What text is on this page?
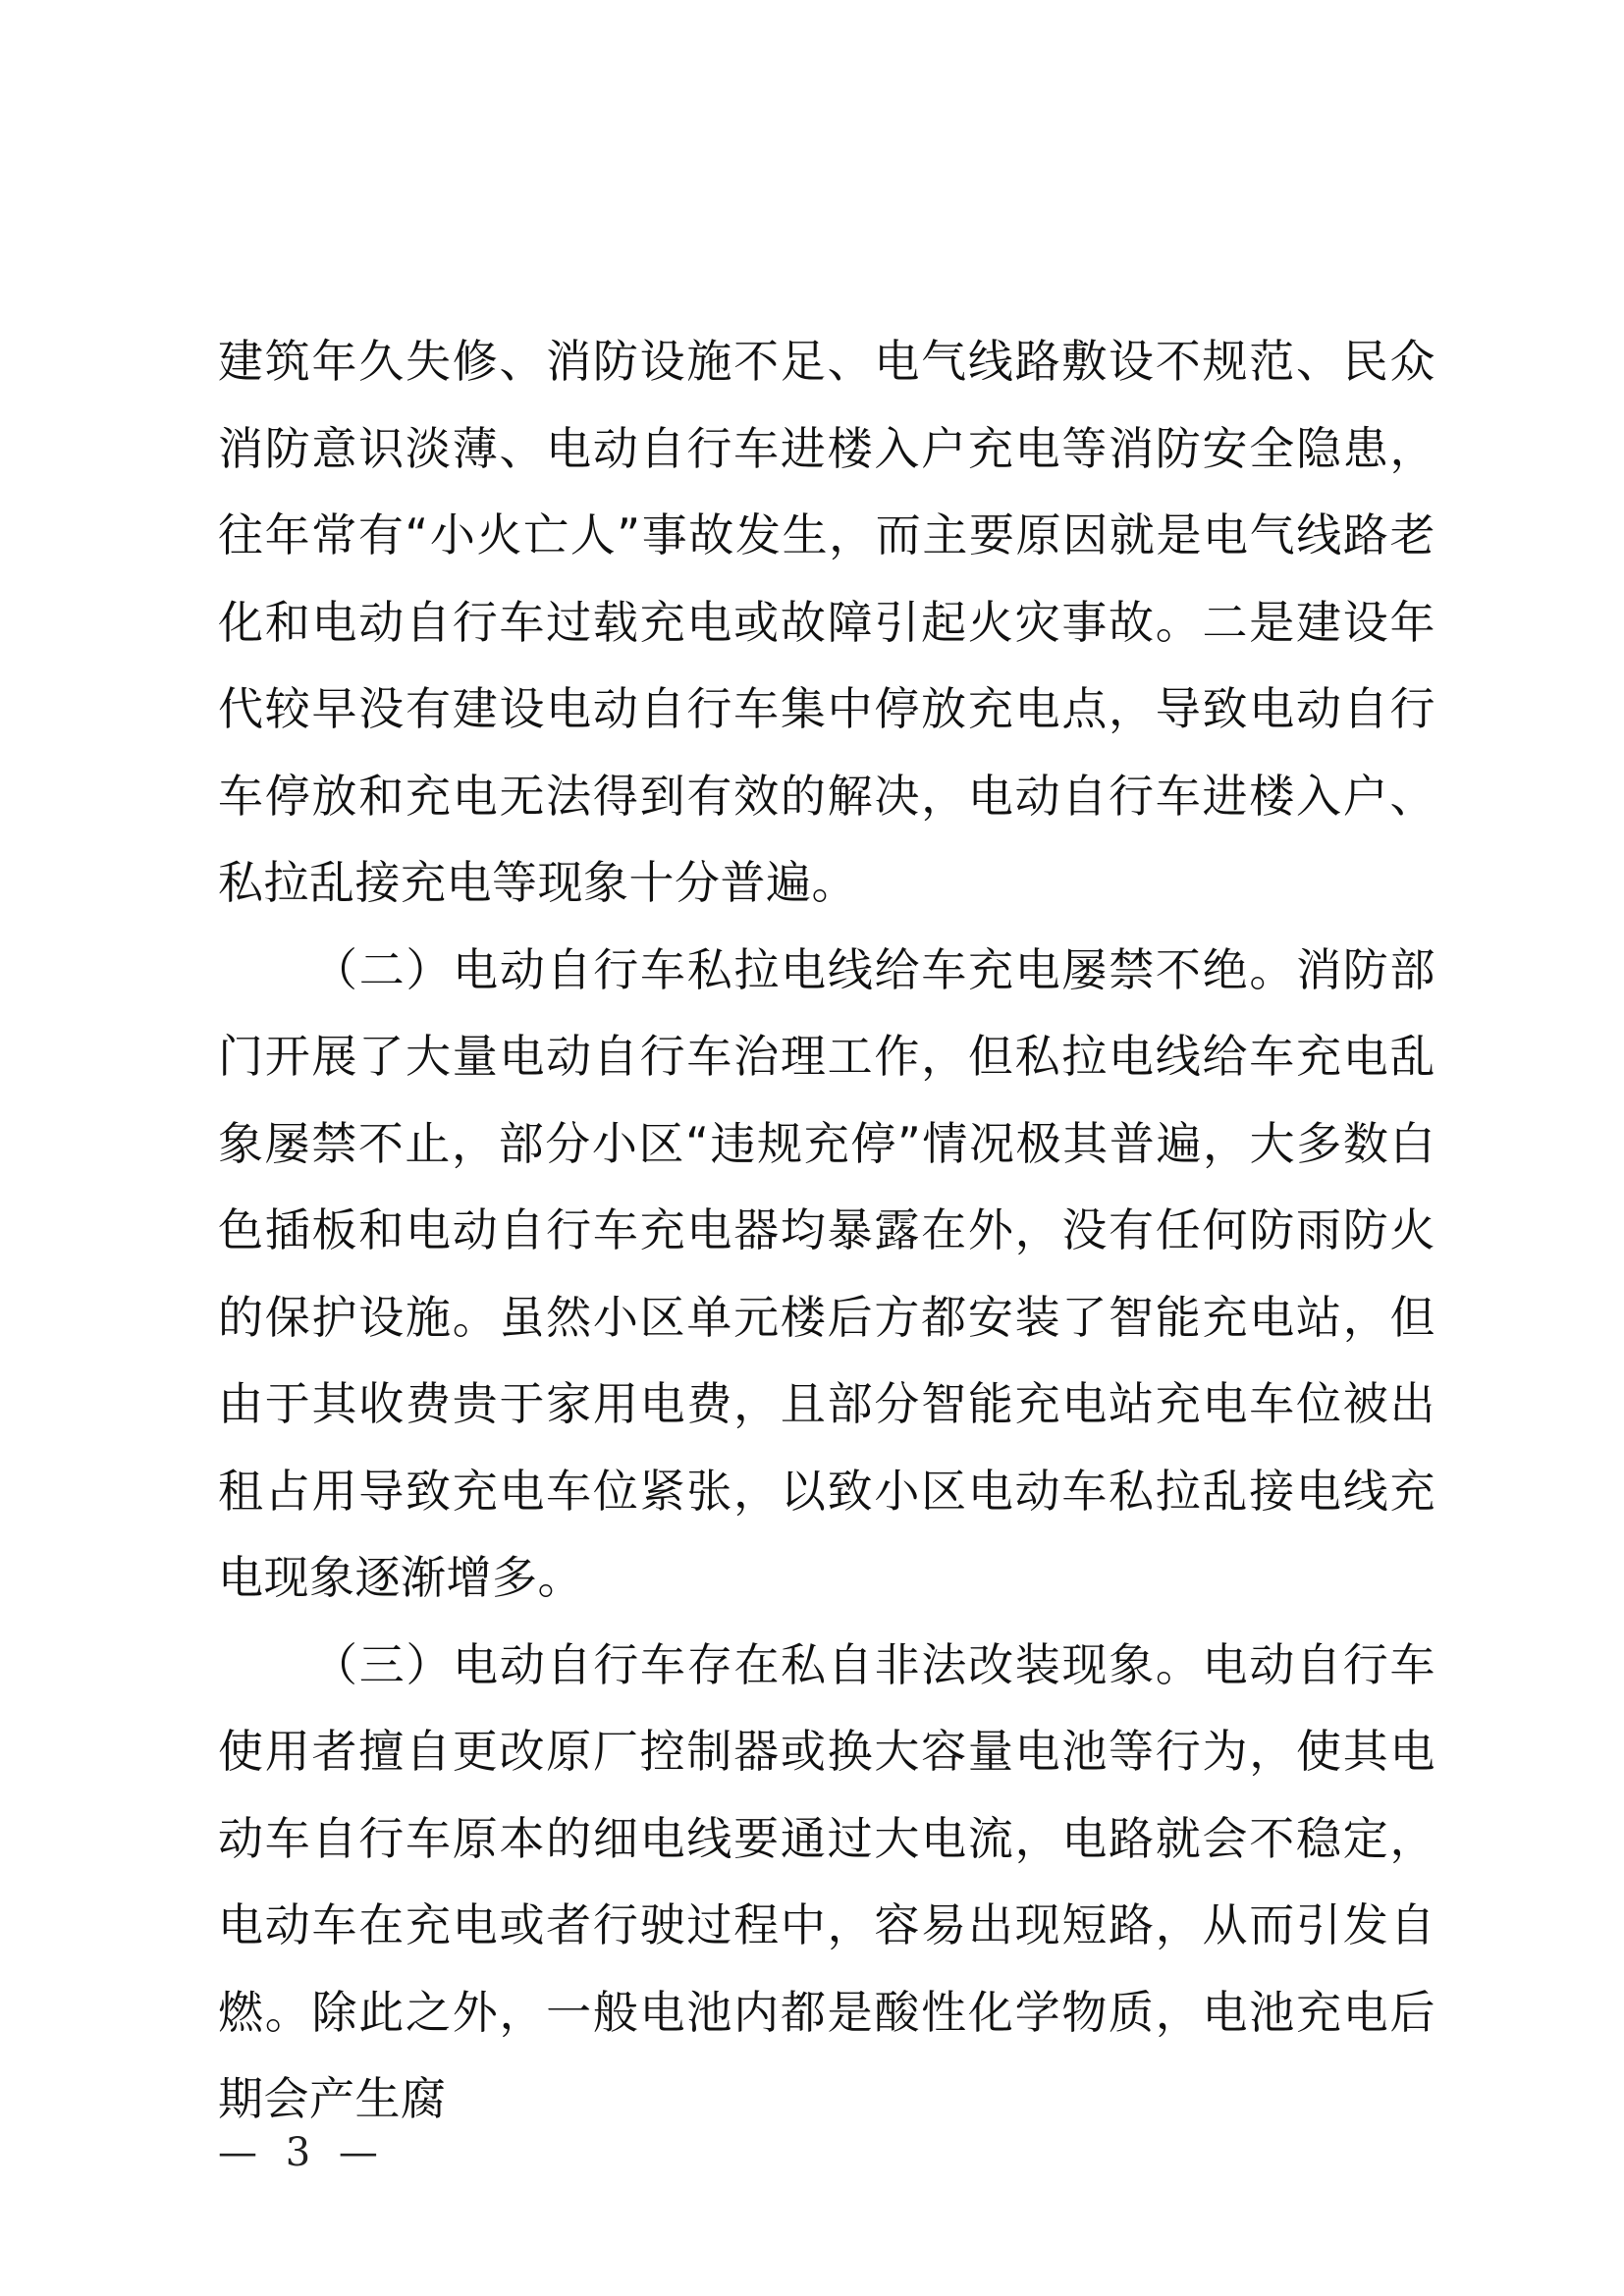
建筑年久失修、消防设施不足、电气线路敷设不规范、民众消防意识淡薄、电动自行车进楼入户充电等消防安全隐患，往年常有“小火亡人”事故发生，而主要原因就是电气线路老化和电动自行车过载充电或故障引起火灾事故。二是建设年代较早没有建设电动自行车集中停放充电点，导致电动自行车停放和充电无法得到有效的解决，电动自行车进楼入户、私拉乱接充电等现象十分普遍。

（二）电动自行车私拉电线给车充电屡禁不绝。消防部门开展了大量电动自行车治理工作，但私拉电线给车充电乱象屡禁不止，部分小区“违规充停”情况极其普遍，大多数白色插板和电动自行车充电器均暴露在外，没有任何防雨防火的保护设施。虽然小区单元楼后方都安装了智能充电站，但由于其收费贵于家用电费，且部分智能充电站充电车位被出租占用导致充电车位紧张，以致小区电动车私拉乱接电线充电现象逐渐增多。

（三）电动自行车存在私自非法改装现象。电动自行车使用者擅自更改原厂控制器或换大容量电池等行为，使其电动车自行车原本的细电线要通过大电流，电路就会不稳定，电动车在充电或者行驶过程中，容易出现短路，从而引发自燃。除此之外，一般电池内都是酸性化学物质，电池充电后期会产生腐

— 3 —
